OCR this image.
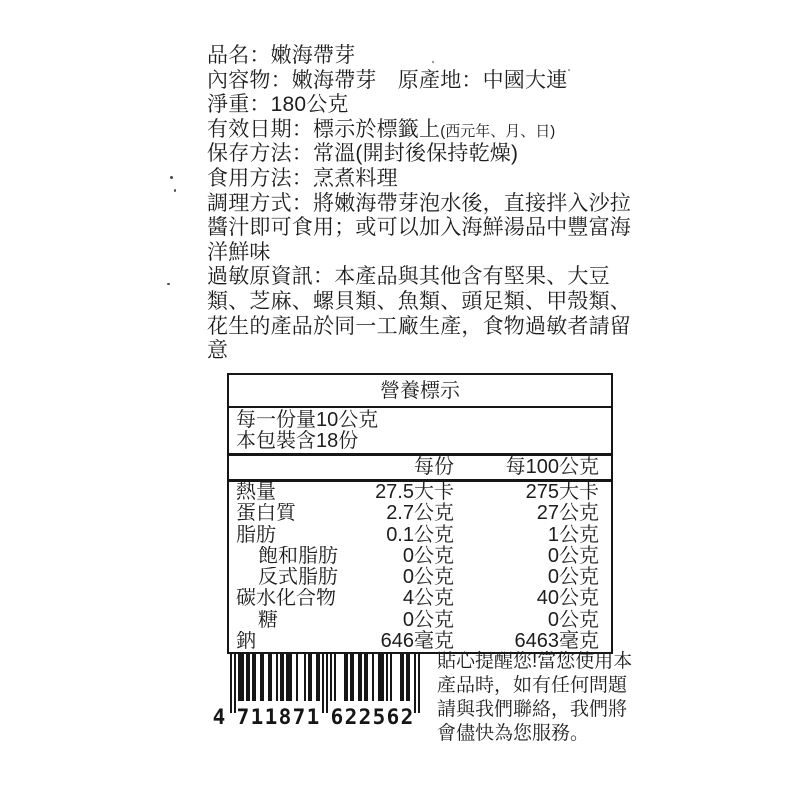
品名：嫩海帶芽
內容物：嫩海帶芽　原產地：中國大連
淨重：180公克
有效日期：標示於標籤上(西元年、月、日)
保存方法：常溫(開封後保持乾燥)
食用方法：烹煮料理
調理方式：將嫩海帶芽泡水後，直接拌入沙拉
醬汁即可食用；或可以加入海鮮湯品中豐富海
洋鮮味
過敏原資訊：本產品與其他含有堅果、大豆
類、芝麻、螺貝類、魚類、頭足類、甲殼類、
花生的產品於同一工廠生產，食物過敏者請留
意
營養標示
每一份量10公克
本包裝含18份
每份	每100公克
熱量	27.5大卡	275大卡
蛋白質	2.7公克	27公克
脂肪	0.1公克	1公克
飽和脂肪	0公克	0公克
反式脂肪	0公克	0公克
碳水化合物	4公克	40公克
糖	0公克	0公克
鈉	646毫克	6463毫克
4 7 1 1 8 7 1 6 2 2 5 6 2
貼心提醒您!當您使用本
產品時，如有任何問題
請與我們聯絡，我們將
會儘快為您服務。
